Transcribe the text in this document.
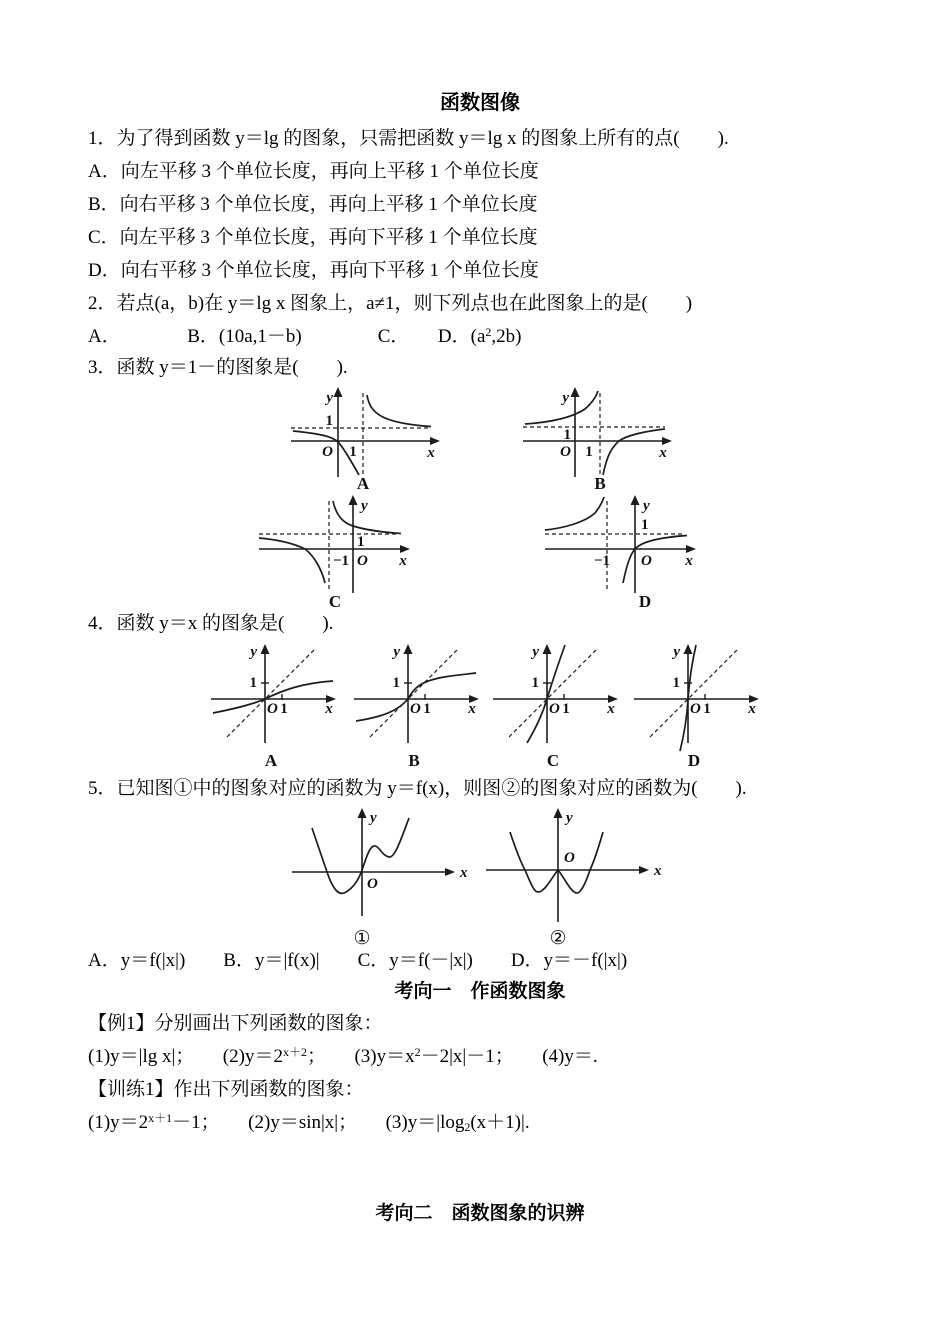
函数图像
1．为了得到函数 y＝lg 的图象，只需把函数 y＝lg x 的图象上所有的点(　　).
A．向左平移 3 个单位长度，再向上平移 1 个单位长度
B．向右平移 3 个单位长度，再向上平移 1 个单位长度
C．向左平移 3 个单位长度，再向下平移 1 个单位长度
D．向右平移 3 个单位长度，再向下平移 1 个单位长度
2．若点(a，b)在 y＝lg x 图象上，a≠1，则下列点也在此图象上的是(　　)
A．　　　　B．(10a,1－b)　　　　C．　　D．$(a^2,2b)$
3．函数 y＝1－的图象是(　　).
y
1
O 1	x
A
y
1
O 1	x
B
y
1
−1 O x
C
y
1
−1 O x
D
4．函数 y＝x 的图象是(　　).
y
1
O 1	x
A
y
1
O 1	x
B
y
1
O 1	x
C
y
1
O 1	x
D
5．已知图①中的图象对应的函数为 y＝f(x)，则图②的图象对应的函数为(　　).
y
x
O
①
y
x
O
②
A．y＝f(|x|)　　B．y＝|f(x)|　　C．y＝f(－|x|)　　D．y＝－f(|x|)
考向一　作函数图象
【例1】分别画出下列函数的图象：
(1)y＝|lg x|；　　$(2)y=2^{x+2}$；　　$(3)y=x^2-2|x|-1$；　　(4)y＝.
【训练1】作出下列函数的图象：
$(1)y=2^{x+1}-1$；　　(2)y＝sin|x|；　　$(3)y=|\log_2(x+1)|$.
考向二　函数图象的识辨
